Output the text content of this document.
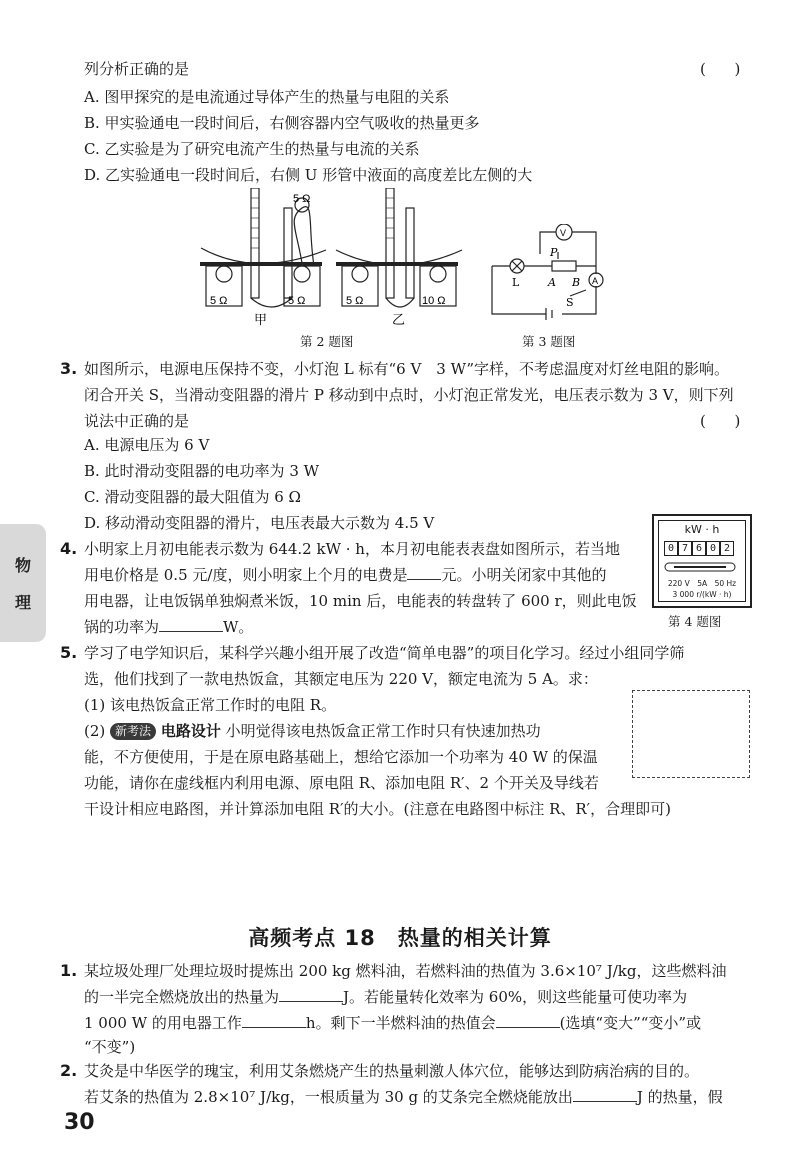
列分析正确的是	(      )
A. 图甲探究的是电流通过导体产生的热量与电阻的关系
B. 甲实验通电一段时间后，右侧容器内空气吸收的热量更多
C. 乙实验是为了研究电流产生的热量与电流的关系
D. 乙实验通电一段时间后，右侧 U 形管中液面的高度差比左侧的大
5 Ω
5 Ω	5 Ω	5 Ω	10 Ω
甲	乙
第 2 题图
V
A
P
A B
L
S
第 3 题图
3. 如图所示，电源电压保持不变，小灯泡 L 标有“6 V　3 W”字样，不考虑温度对灯丝电阻的影响。
闭合开关 S，当滑动变阻器的滑片 P 移动到中点时，小灯泡正常发光，电压表示数为 3 V，则下列
说法中正确的是	(      )
A. 电源电压为 6 V
B. 此时滑动变阻器的电功率为 3 W
C. 滑动变阻器的最大阻值为 6 Ω
D. 移动滑动变阻器的滑片，电压表最大示数为 4.5 V
物
理
4. 小明家上月初电能表示数为 644.2 kW · h，本月初电能表表盘如图所示，若当地
用电价格是 0.5 元/度，则小明家上个月的电费是 元。小明关闭家中其他的
用电器，让电饭锅单独焖煮米饭，10 min 后，电能表的转盘转了 600 r，则此电饭
锅的功率为	W。
kW · h
0 7 6 0 2
220 V　5A　50 Hz
3 000 r/(kW · h)
第 4 题图
5. 学习了电学知识后，某科学兴趣小组开展了改造“简单电器”的项目化学习。经过小组同学筛
选，他们找到了一款电热饭盒，其额定电压为 220 V，额定电流为 5 A。求：
(1) 该电热饭盒正常工作时的电阻 R。
(2) 新考法 电路设计 小明觉得该电热饭盒正常工作时只有快速加热功
能，不方便使用，于是在原电路基础上，想给它添加一个功率为 40 W 的保温
功能，请你在虚线框内利用电源、原电阻 R、添加电阻 R′、2 个开关及导线若
干设计相应电路图，并计算添加电阻 R′的大小。(注意在电路图中标注 R、R′，合理即可)
高频考点 18　热量的相关计算
1. 某垃圾处理厂处理垃圾时提炼出 200 kg 燃料油，若燃料油的热值为 3.6×10⁷ J/kg，这些燃料油
的一半完全燃烧放出的热量为	J。若能量转化效率为 60%，则这些能量可使功率为
1 000 W 的用电器工作	h。剩下一半燃料油的热值会	(选填“变大”“变小”或
“不变”)
2. 艾灸是中华医学的瑰宝，利用艾条燃烧产生的热量刺激人体穴位，能够达到防病治病的目的。
若艾条的热值为 2.8×10⁷ J/kg，一根质量为 30 g 的艾条完全燃烧能放出	J 的热量，假
30
